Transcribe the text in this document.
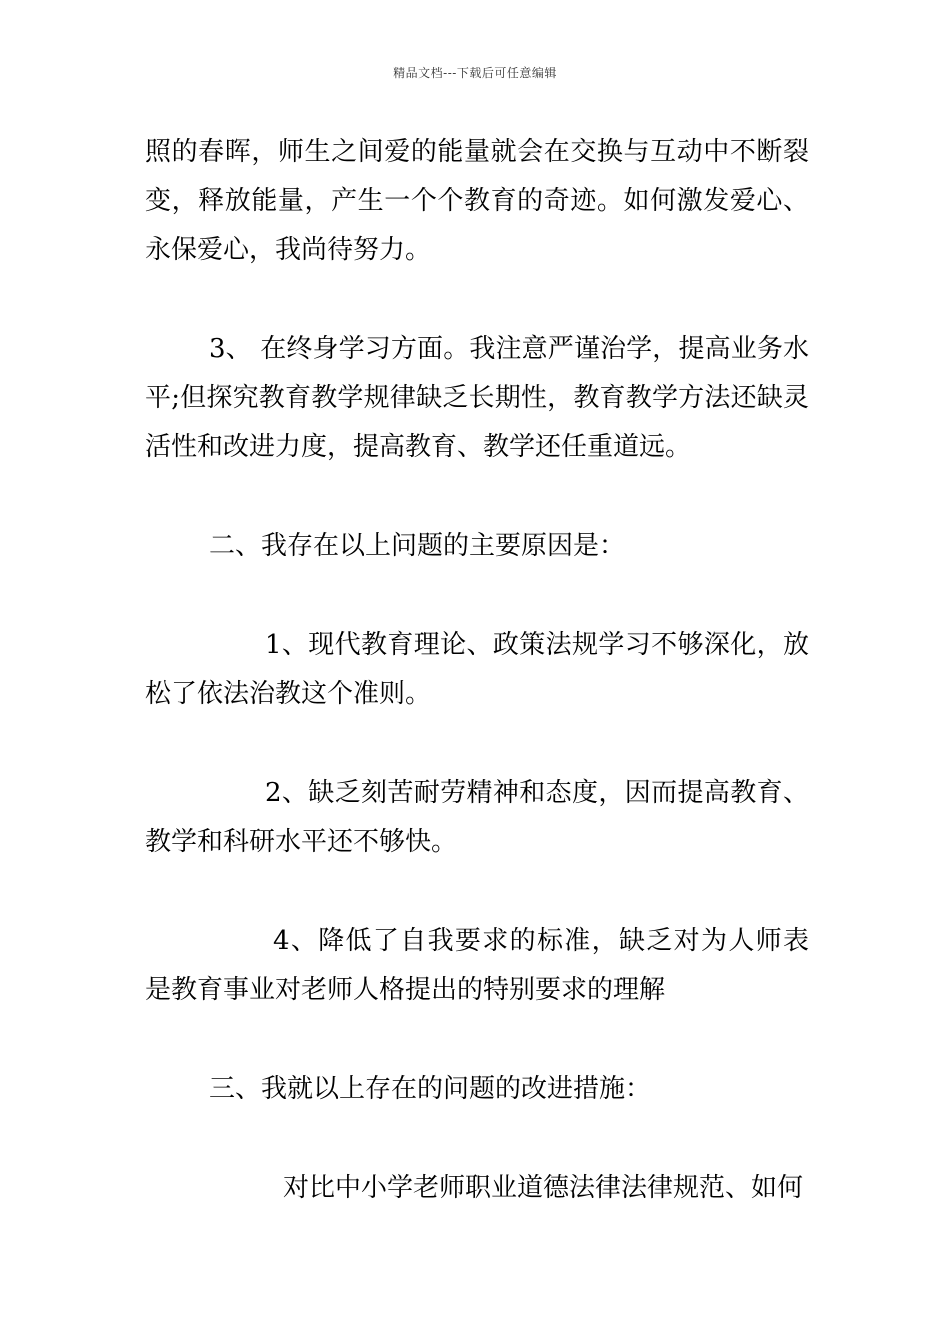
精品文档---下载后可任意编辑

照的春晖，师生之间爱的能量就会在交换与互动中不断裂变，释放能量，产生一个个教育的奇迹。如何激发爱心、永保爱心，我尚待努力。

3、 在终身学习方面。我注意严谨治学，提高业务水平;但探究教育教学规律缺乏长期性，教育教学方法还缺灵活性和改进力度，提高教育、教学还任重道远。

二、我存在以上问题的主要原因是：

1、现代教育理论、政策法规学习不够深化，放松了依法治教这个准则。

2、缺乏刻苦耐劳精神和态度，因而提高教育、教学和科研水平还不够快。

4、降低了自我要求的标准，缺乏对为人师表是教育事业对老师人格提出的特别要求的理解

三、我就以上存在的问题的改进措施：

对比中小学老师职业道德法律法律规范、如何
